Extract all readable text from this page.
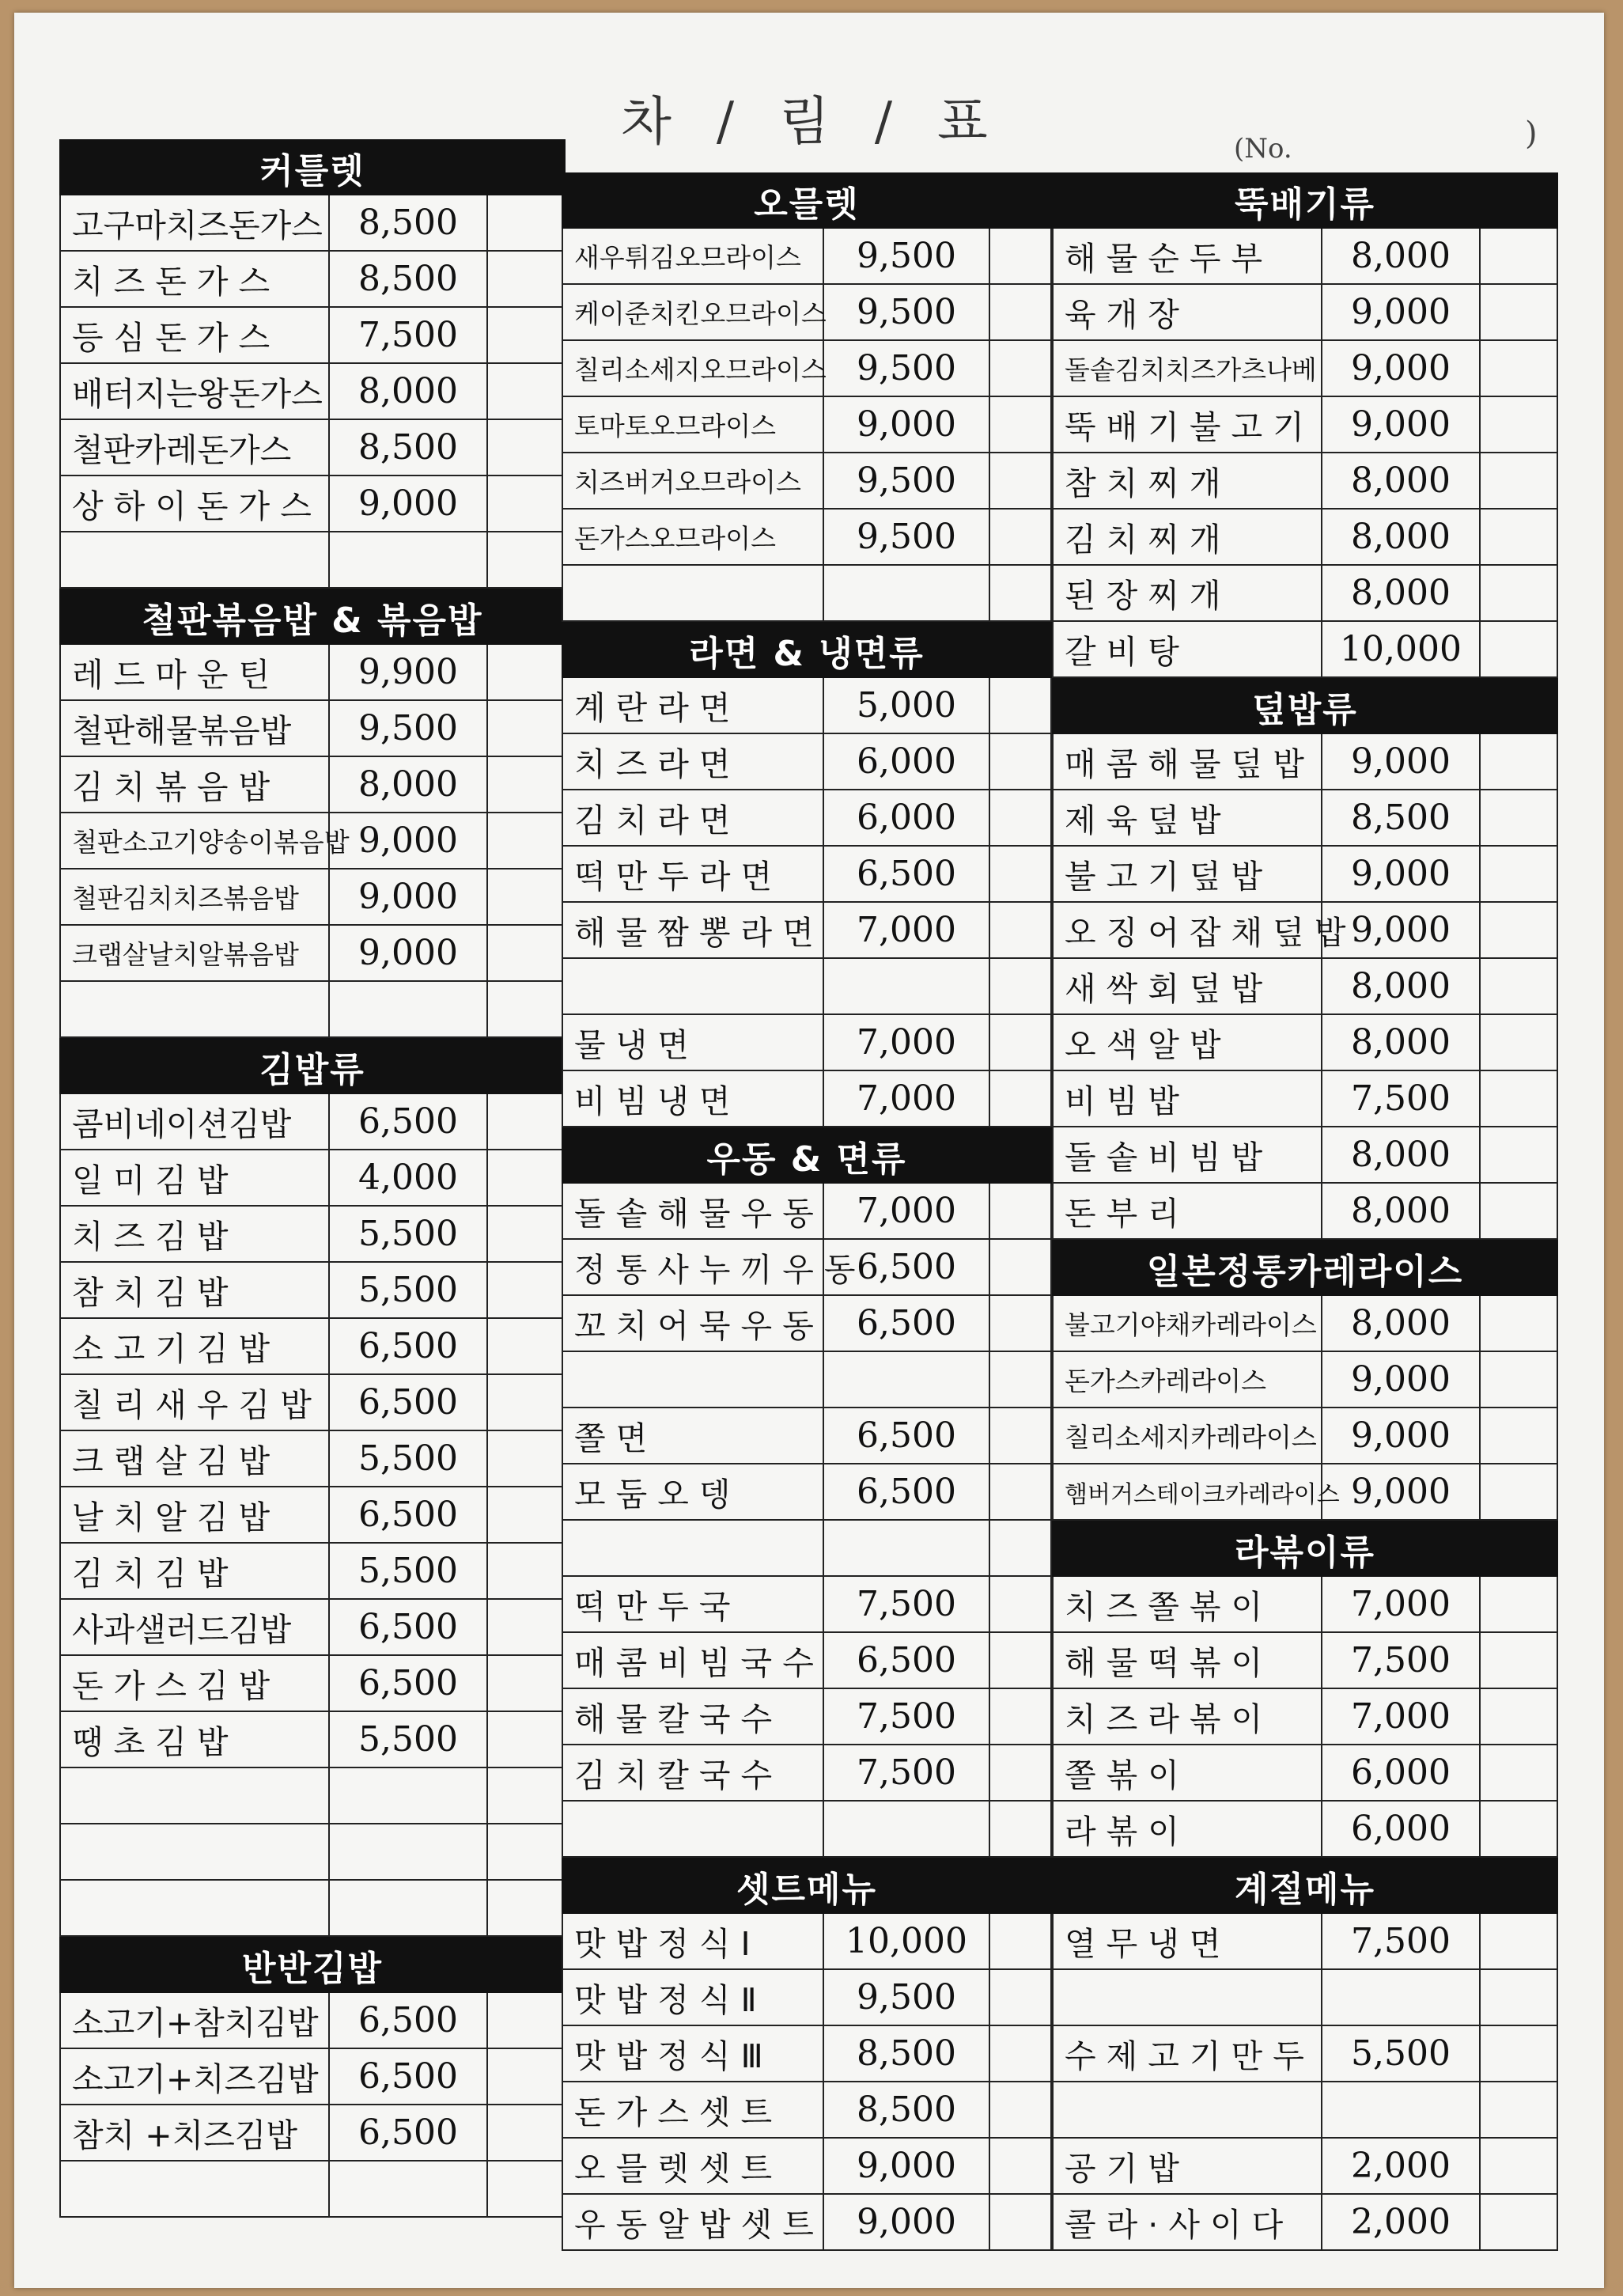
차 / 림 / 표	(No.	)
커틀렛
고구마치즈돈가스	8,500
치 즈 돈 가 스	8,500
등 심 돈 가 스	7,500
배터지는왕돈가스	8,000
철판카레돈가스	8,500
상 하 이 돈 가 스	9,000
철판볶음밥 & 볶음밥
레 드 마 운 틴	9,900
철판해물볶음밥	9,500
김 치 볶 음 밥	8,000
철판소고기양송이볶음밥 9,000
철판김치치즈볶음밥	9,000
크랩살날치알볶음밥	9,000
김밥류
콤비네이션김밥	6,500
일 미 김 밥	4,000
치 즈 김 밥	5,500
참 치 김 밥	5,500
소 고 기 김 밥	6,500
칠 리 새 우 김 밥	6,500
크 랩 살 김 밥	5,500
날 치 알 김 밥	6,500
김 치 김 밥	5,500
사과샐러드김밥	6,500
돈 가 스 김 밥	6,500
땡 초 김 밥	5,500
반반김밥
소고기+참치김밥	6,500
소고기+치즈김밥	6,500
참치 +치즈김밥	6,500
오믈렛
새우튀김오므라이스	9,500
케이준치킨오므라이스 9,500
칠리소세지오므라이스 9,500
토마토오므라이스	9,000
치즈버거오므라이스	9,500
돈가스오므라이스	9,500
라면 & 냉면류
계 란 라 면	5,000
치 즈 라 면	6,000
김 치 라 면	6,000
떡 만 두 라 면	6,500
해 물 짬 뽕 라 면	7,000
물 냉 면	7,000
비 빔 냉 면	7,000
우동 & 면류
돌 솥 해 물 우 동	7,000
정 통 사 누 끼 우 동 6,500
꼬 치 어 묵 우 동	6,500
쫄 면	6,500
모 둠 오 뎅	6,500
떡 만 두 국	7,500
매 콤 비 빔 국 수	6,500
해 물 칼 국 수	7,500
김 치 칼 국 수	7,500
셋트메뉴
맛 밥 정 식 Ⅰ	10,000
맛 밥 정 식 Ⅱ	9,500
맛 밥 정 식 Ⅲ	8,500
돈 가 스 셋 트	8,500
오 믈 렛 셋 트	9,000
우 동 알 밥 셋 트	9,000
뚝배기류
해 물 순 두 부	8,000
육 개 장	9,000
돌솥김치치즈가츠나베 9,000
뚝 배 기 불 고 기	9,000
참 치 찌 개	8,000
김 치 찌 개	8,000
된 장 찌 개	8,000
갈 비 탕	10,000
덮밥류
매 콤 해 물 덮 밥	9,000
제 육 덮 밥	8,500
불 고 기 덮 밥	9,000
오 징 어 잡 채 덮 밥 9,000
새 싹 회 덮 밥	8,000
오 색 알 밥	8,000
비 빔 밥	7,500
돌 솥 비 빔 밥	8,000
돈 부 리	8,000
일본정통카레라이스
불고기야채카레라이스 8,000
돈가스카레라이스	9,000
칠리소세지카레라이스 9,000
햄버거스테이크카레라이스 9,000
라볶이류
치 즈 쫄 볶 이	7,000
해 물 떡 볶 이	7,500
치 즈 라 볶 이	7,000
쫄 볶 이	6,000
라 볶 이	6,000
계절메뉴
열 무 냉 면	7,500
수 제 고 기 만 두	5,500
공 기 밥	2,000
콜 라 · 사 이 다	2,000
